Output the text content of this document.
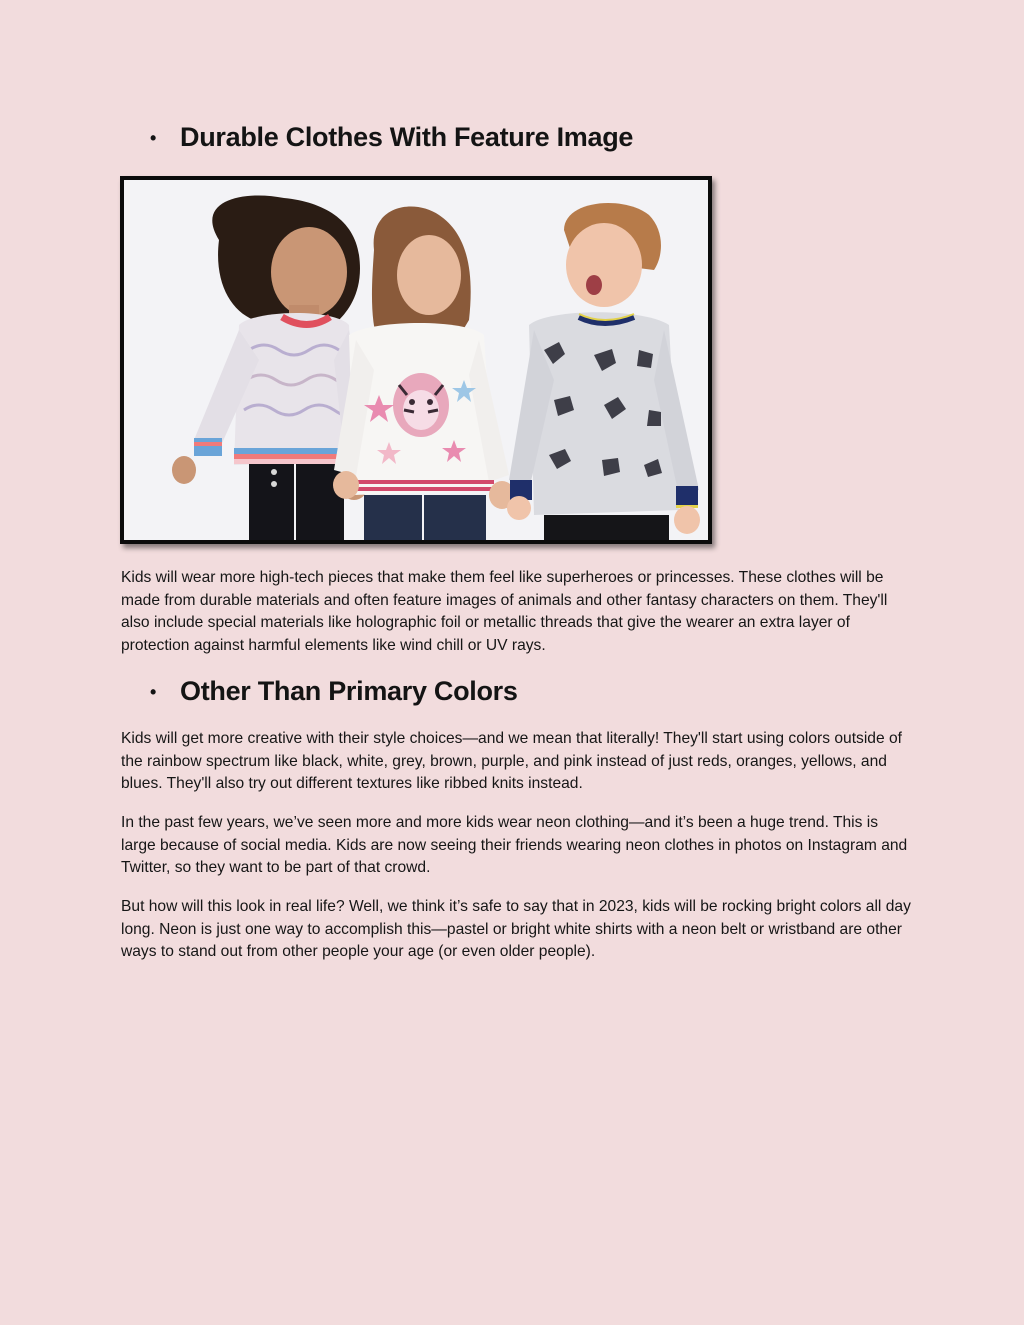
• Durable Clothes With Feature Image

Kids will wear more high-tech pieces that make them feel like superheroes or princesses. These clothes will be made from durable materials and often feature images of animals and other fantasy characters on them. They'll also include special materials like holographic foil or metallic threads that give the wearer an extra layer of protection against harmful elements like wind chill or UV rays.

• Other Than Primary Colors

Kids will get more creative with their style choices—and we mean that literally! They'll start using colors outside of the rainbow spectrum like black, white, grey, brown, purple, and pink instead of just reds, oranges, yellows, and blues. They'll also try out different textures like ribbed knits instead.

In the past few years, we’ve seen more and more kids wear neon clothing—and it’s been a huge trend. This is large because of social media. Kids are now seeing their friends wearing neon clothes in photos on Instagram and Twitter, so they want to be part of that crowd.

But how will this look in real life? Well, we think it’s safe to say that in 2023, kids will be rocking bright colors all day long. Neon is just one way to accomplish this—pastel or bright white shirts with a neon belt or wristband are other ways to stand out from other people your age (or even older people).
